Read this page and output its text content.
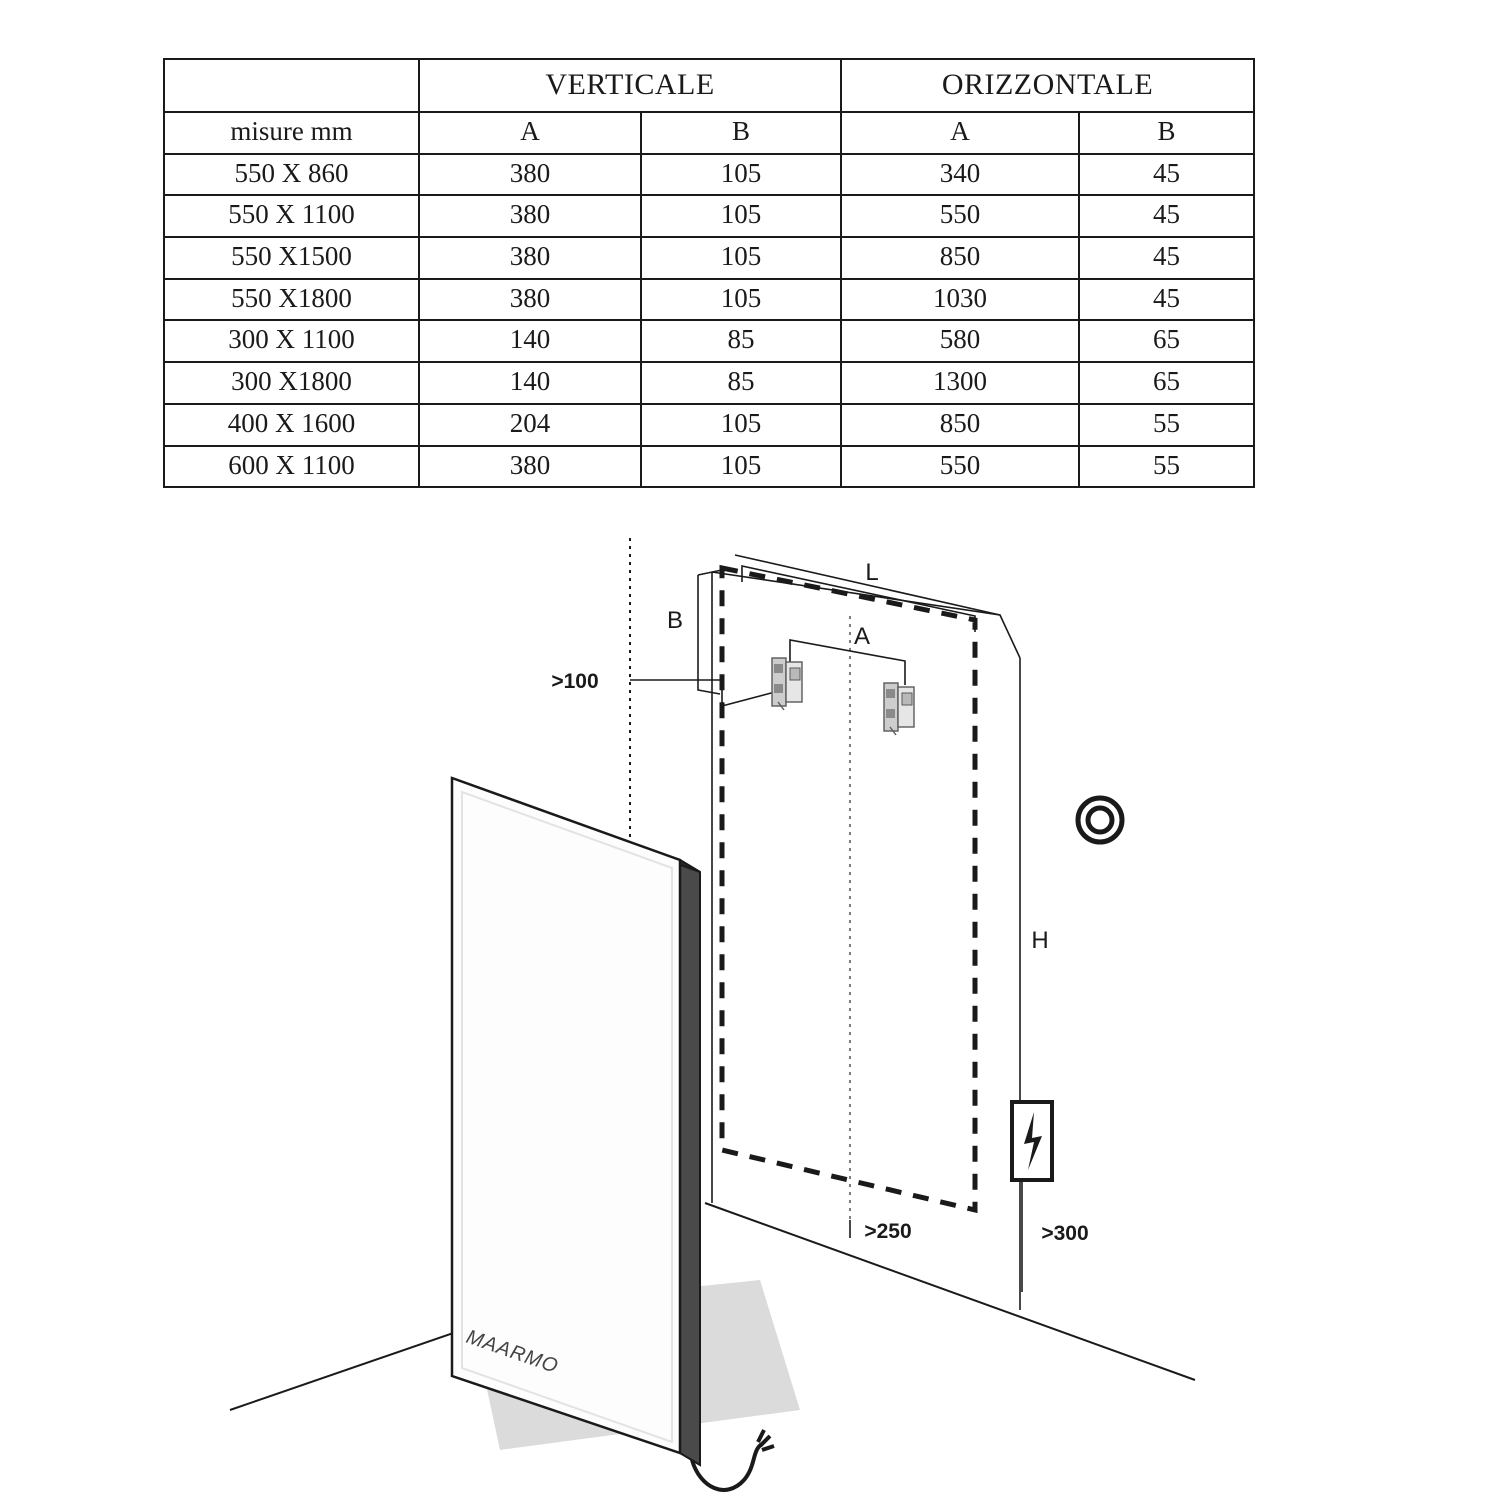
	VERTICALE		ORIZZONTALE	
misure mm	A	B	A	B
550 X 860	380	105	340	45
550 X 1100	380	105	550	45
550 X1500	380	105	850	45
550 X1800	380	105	1030	45
300 X 1100	140	85	580	65
300 X1800	140	85	1300	65
400 X 1600	204	105	850	55
600 X 1100	380	105	550	55
L
B
A
>100
H
>250	>300
MAARMO
